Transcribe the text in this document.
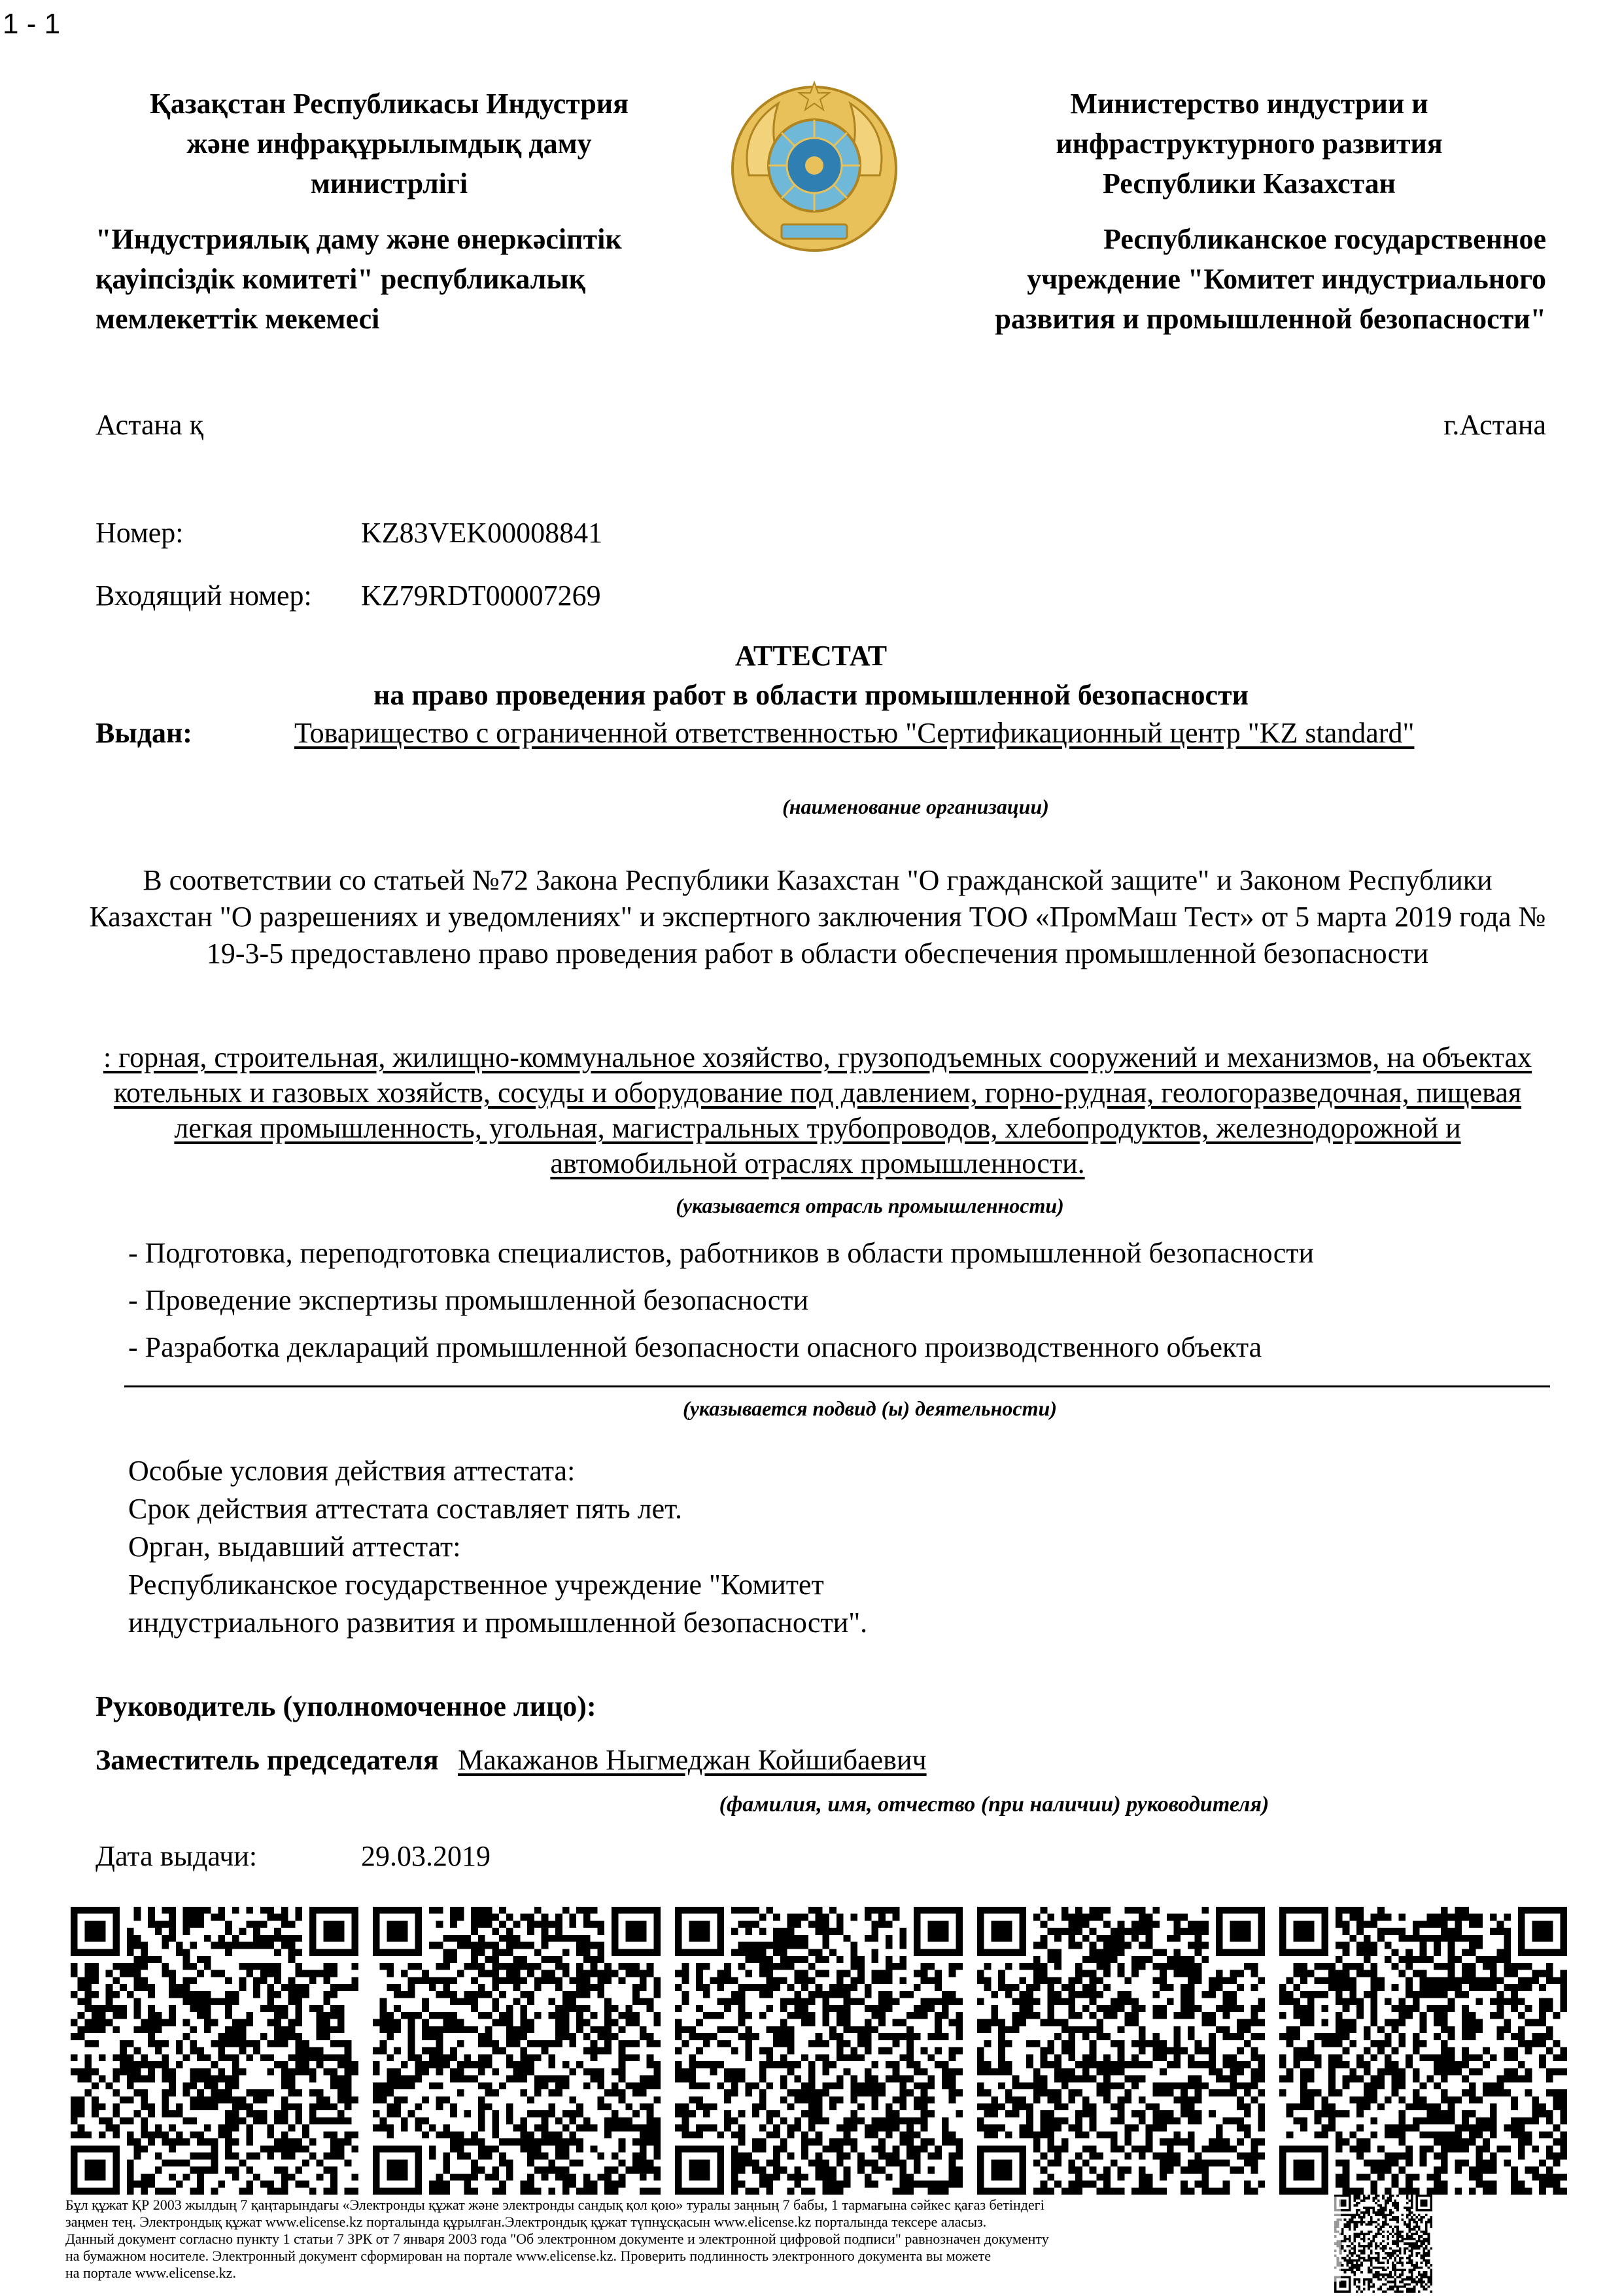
1 - 1
Қазақстан Республикасы Индустрия
және инфрақұрылымдық даму
министрлігі
Министерство индустрии и
инфраструктурного развития
Республики Казахстан
"Индустриялық даму және өнеркәсіптік
қауіпсіздік комитеті" республикалық
мемлекеттік мекемесі
Республиканское государственное
учреждение "Комитет индустриального
развития и промышленной безопасности"
Астана қ	г.Астана
Номер:	KZ83VEK00008841
Входящий номер: KZ79RDT00007269
АТТЕСТАТ
на право проведения работ в области промышленной безопасности
Выдан:	Товарищество с ограниченной ответственностью "Сертификационный центр "KZ standard"
(наименование организации)
В соответствии со статьей №72 Закона Республики Казахстан "О гражданской защите" и Законом Республики Казахстан "О разрешениях и уведомлениях" и экспертного заключения ТОО «ПромМаш Тест» от 5 марта 2019 года № 19-3-5 предоставлено право проведения работ в области обеспечения промышленной безопасности
: горная, строительная, жилищно-коммунальное хозяйство, грузоподъемных сооружений и механизмов, на объектах котельных и газовых хозяйств, сосуды и оборудование под давлением, горно-рудная, геологоразведочная, пищевая легкая промышленность, угольная, магистральных трубопроводов, хлебопродуктов, железнодорожной и автомобильной отраслях промышленности.
(указывается отрасль промышленности)
- Подготовка, переподготовка специалистов, работников в области промышленной безопасности
- Проведение экспертизы промышленной безопасности
- Разработка деклараций промышленной безопасности опасного производственного объекта
(указывается подвид (ы) деятельности)
Особые условия действия аттестата:
Срок действия аттестата составляет пять лет.
Орган, выдавший аттестат:
Республиканское государственное учреждение "Комитет
индустриального развития и промышленной безопасности".
Руководитель (уполномоченное лицо):
Заместитель председателя Макажанов Ныгмеджан Койшибаевич
(фамилия, имя, отчество (при наличии) руководителя)
Дата выдачи:	29.03.2019
Бұл құжат ҚР 2003 жылдың 7 қаңтарындағы «Электронды құжат және электронды сандық қол қою» туралы заңның 7 бабы, 1 тармағына сәйкес қағаз бетіндегі
заңмен тең. Электрондық құжат www.elicense.kz порталында құрылған.Электрондық құжат түпнұсқасын www.elicense.kz порталында тексере аласыз.
Данный документ согласно пункту 1 статьи 7 ЗРК от 7 января 2003 года "Об электронном документе и электронной цифровой подписи" равнозначен документу
на бумажном носителе. Электронный документ сформирован на портале www.elicense.kz. Проверить подлинность электронного документа вы можете
на портале www.elicense.kz.
